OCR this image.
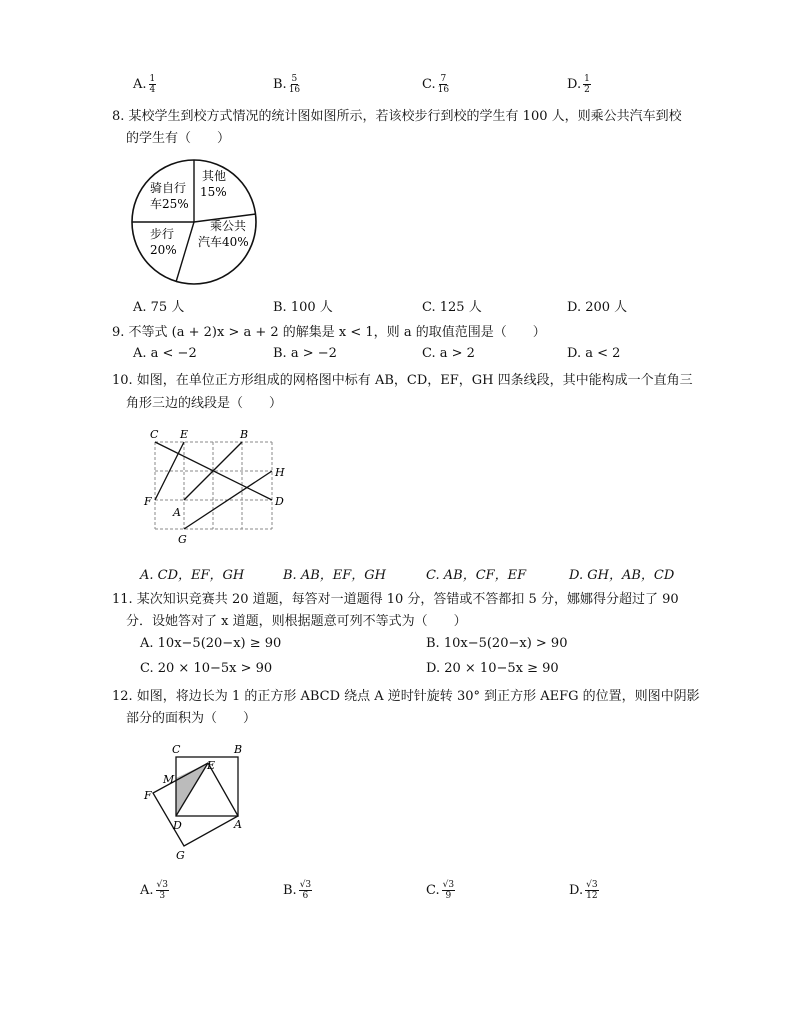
A. $\frac{1}{4}$	B. $\frac{5}{16}$	C. $\frac{7}{16}$	D. $\frac{1}{2}$
8. 某校学生到校方式情况的统计图如图所示，若该校步行到校的学生有 100 人，则乘公共汽车到校
的学生有（　　）
其他
15%
乘公共
汽车40%
步行
20%
骑自行
车25%
A. 75 人	B. 100 人	C. 125 人	D. 200 人
9. 不等式 (a + 2)x > a + 2 的解集是 x < 1，则 a 的取值范围是（　　）
A. a < −2	B. a > −2	C. a > 2	D. a < 2
10. 如图，在单位正方形组成的网格图中标有 AB，CD，EF，GH 四条线段，其中能构成一个直角三
角形三边的线段是（　　）
C E	B
H
F	D
A
G
A. CD，EF，GH	B. AB，EF，GH	C. AB，CF，EF	D. GH，AB，CD
11. 某次知识竞赛共 20 道题，每答对一道题得 10 分，答错或不答都扣 5 分，娜娜得分超过了 90
分．设她答对了 x 道题，则根据题意可列不等式为（　　）
A. 10x−5(20−x) ≥ 90	B. 10x−5(20−x) > 90
C. 20 × 10−5x > 90	D. 20 × 10−5x ≥ 90
12. 如图，将边长为 1 的正方形 ABCD 绕点 A 逆时针旋转 30° 到正方形 AEFG 的位置，则图中阴影
部分的面积为（　　）
C	B
M
E
F
D	A
G
A. $\frac{√3}{3}$	B. $\frac{√3}{6}$	C. $\frac{√3}{9}$	D. $\frac{√3}{12}$
